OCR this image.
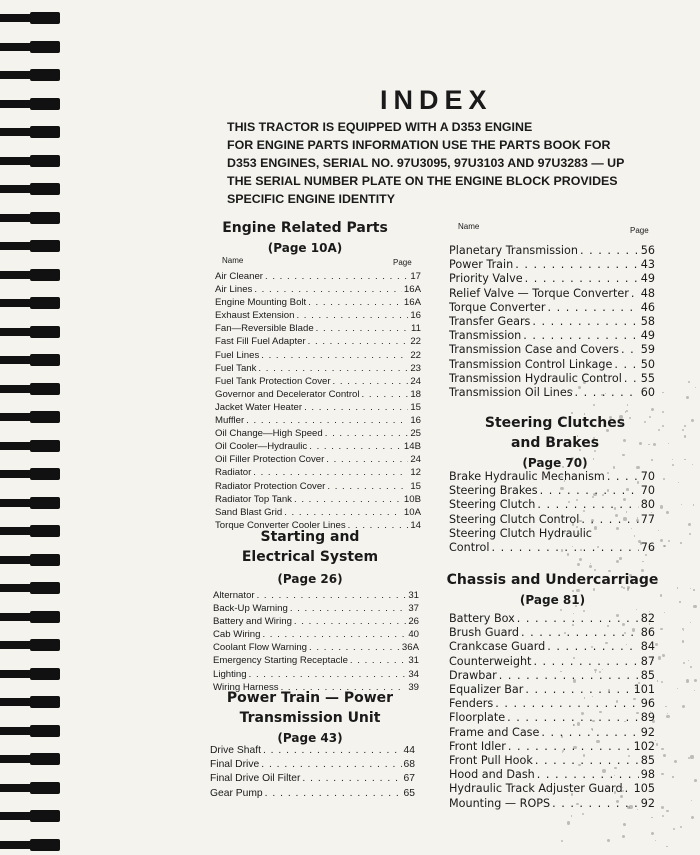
INDEX
THIS TRACTOR IS EQUIPPED WITH A D353 ENGINE
FOR ENGINE PARTS INFORMATION USE THE PARTS BOOK FOR
D353 ENGINES, SERIAL NO. 97U3095, 97U3103 AND 97U3283 — UP
THE SERIAL NUMBER PLATE ON THE ENGINE BLOCK PROVIDES
SPECIFIC ENGINE IDENTITY
Engine Related Parts
(Page 10A)
Name	Page
Air Cleaner . . .	17
Air Lines . . .	16A
Engine Mounting Bolt . . .	16A
Exhaust Extension . . .	16
Fan—Reversible Blade . . .	11
Fast Fill Fuel Adapter . . .	22
Fuel Lines . . .	22
Fuel Tank . . .	23
Fuel Tank Protection Cover . . .	24
Governor and Decelerator Control . . .	18
Jacket Water Heater . . .	15
Muffler . . .	16
Oil Change—High Speed . . .	25
Oil Cooler—Hydraulic . . .	14B
Oil Filler Protection Cover . . .	24
Radiator . . .	12
Radiator Protection Cover . . .	15
Radiator Top Tank . . .	10B
Sand Blast Grid . . .	10A
Torque Converter Cooler Lines . . .	14
Starting and
Electrical System
(Page 26)
Alternator . . .	31
Back-Up Warning . . .	37
Battery and Wiring . . .	26
Cab Wiring . . .	40
Coolant Flow Warning . . .	36A
Emergency Starting Receptacle . . .	31
Lighting . . .	34
Wiring Harness . . .	39
Power Train — Power
Transmission Unit
(Page 43)
Drive Shaft . . .	44
Final Drive . . .	68
Final Drive Oil Filter . . .	67
Gear Pump . . .	65
Name	Page
Planetary Transmission . . .	56
Power Train . . .	43
Priority Valve . . .	49
Relief Valve — Torque Converter . . . 48
Torque Converter . . .	46
Transfer Gears . . .	58
Transmission . . .	49
Transmission Case and Covers . . . 59
Transmission Control Linkage . . .	50
Transmission Hydraulic Control . . . 55
Transmission Oil Lines . . .	60
Steering Clutches
and Brakes
(Page 70)
Brake Hydraulic Mechanism . . .	70
Steering Brakes . . .	70
Steering Clutch . . .	80
Steering Clutch Control . . .	77
Steering Clutch Hydraulic
Control . . .	76
Chassis and Undercarriage
(Page 81)
Battery Box . . .	82
Brush Guard . . .	86
Crankcase Guard . . .	84
Counterweight . . .	87
Drawbar . . .	85
Equalizer Bar . . .	101
Fenders . . .	96
Floorplate . . .	89
Frame and Case . . .	92
Front Idler . . .	102
Front Pull Hook . . .	85
Hood and Dash . . .	98
Hydraulic Track Adjuster Guard . . . 105
Mounting — ROPS . . .	92
